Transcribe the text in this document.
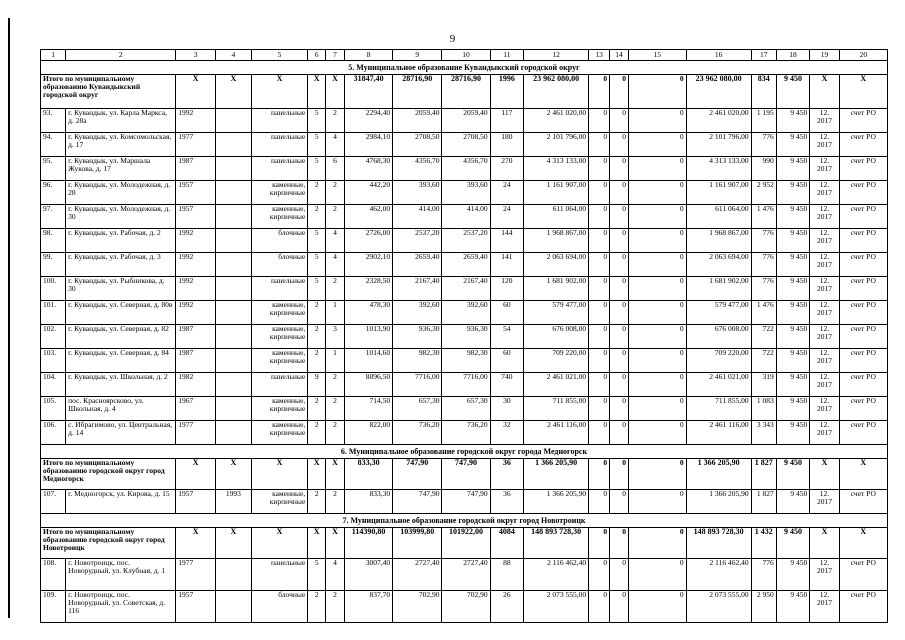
9
1	2	3	4	5	6	7	8	9	10	11	12	13	14	15	16	17	18	19	20
5. Муниципальное образование Кувандыкский городской округ																			
Итого по муниципальному образованию Кувандыкский городской округ		X	X	X	X	X	31847,40	28716,90	28716,90	1996	23 962 080,00	0	0	0	23 962 080,00	834	9 450	X	X
93.	г. Кувандык, ул. Карла Маркса, д. 28а	1992		панельные	5	2	2294,40	2059,40	2059,40	117	2 461 020,00	0	0	0	2 461 020,00	1 195	9 450	12. 2017	счет РО
94.	г. Кувандык, ул. Комсомольская, д. 17	1977		панельные	5	4	2984,10	2708,50	2708,50	180	2 101 796,00	0	0	0	2 101 796,00	776	9 450	12. 2017	счет РО
95.	г. Кувандык, ул. Маршала Жукова, д. 17	1987		панельные	5	6	4768,30	4356,70	4356,70	270	4 313 133,00	0	0	0	4 313 133,00	990	9 450	12. 2017	счет РО
96.	г. Кувандык, ул. Молодежная, д. 28	1957		каменные, кирпичные	2	2	442,20	393,60	393,60	24	1 161 907,00	0	0	0	1 161 907,00	2 952	9 450	12. 2017	счет РО
97.	г. Кувандык, ул. Молодежная, д. 30	1957		каменные, кирпичные	2	2	462,00	414,00	414,00	24	611 064,00	0	0	0	611 064,00	1 476	9 450	12. 2017	счет РО
98.	г. Кувандык, ул. Рабочая, д. 2	1992		блочные	5	4	2726,00	2537,20	2537,20	144	1 968 867,00	0	0	0	1 968 867,00	776	9 450	12. 2017	счет РО
99.	г. Кувандык, ул. Рабочая, д. 3	1992		блочные	5	4	2902,10	2659,40	2659,40	141	2 063 694,00	0	0	0	2 063 694,00	776	9 450	12. 2017	счет РО
100.	г. Кувандык, ул. Рыбникова, д. 30	1992		панельные	5	2	2328,50	2167,40	2167,40	120	1 681 902,00	0	0	0	1 681 902,00	776	9 450	12. 2017	счет РО
101.	г. Кувандык, ул. Северная, д. 80в	1992		каменные, кирпичные	2	1	478,30	392,60	392,60	60	579 477,00	0	0	0	579 477,00	1 476	9 450	12. 2017	счет РО
102.	г. Кувандык, ул. Северная, д. 82	1987		каменные, кирпичные	2	3	1013,90	936,30	936,30	54	676 008,00	0	0	0	676 008,00	722	9 450	12. 2017	счет РО
103.	г. Кувандык, ул. Северная, д. 84	1987		каменные, кирпичные	2	1	1014,60	982,30	982,30	60	709 220,00	0	0	0	709 220,00	722	9 450	12. 2017	счет РО
104.	г. Кувандык, ул. Школьная, д. 2	1982		панельные	9	2	8896,50	7716,00	7716,00	740	2 461 021,00	0	0	0	2 461 021,00	319	9 450	12. 2017	счет РО
105.	пос. Красноярсково, ул. Школьная, д. 4	1967		каменные, кирпичные	2	2	714,50	657,30	657,30	30	711 855,00	0	0	0	711 855,00	1 083	9 450	12. 2017	счет РО
106.	с. Ибрагимово, ул. Центральная, д. 14	1977		каменные, кирпичные	2	2	822,00	736,20	736,20	32	2 461 116,00	0	0	0	2 461 116,00	3 343	9 450	12. 2017	счет РО
6. Муниципальное образование городской округ города Медногорск																			
Итого по муниципальному образованию городской округ город Медногорск		X	X	X	X	X	833,30	747,90	747,90	36	1 366 205,90	0	0	0	1 366 205,90	1 827	9 450	X	X
107.	г. Медногорск, ул. Кирова, д. 15	1957	1993	каменные, кирпичные	2	2	833,30	747,90	747,90	36	1 366 205,90	0	0	0	1 366 205,90	1 827	9 450	12. 2017	счет РО
7. Муниципальное образование городской округ город Новотроицк																			
Итого по муниципальному образованию городской округ город Новотроицк		X	X	X	X	X	114390,80	103999,80	101922,00	4084	148 893 728,30	0	0	0	148 893 728,30	1 432	9 450	X	X
108.	г. Новотроицк, пос. Новорудный, ул. Клубная, д. 1	1977		панельные	5	4	3007,40	2727,40	2727,40	88	2 116 462,40	0	0	0	2 116 462,40	776	9 450	12. 2017	счет РО
109.	г. Новотроицк, пос. Новорудный, ул. Советская, д. 116	1957		блочные	2	2	837,70	702,90	702,90	26	2 073 555,00	0	0	0	2 073 555,00	2 950	9 450	12. 2017	счет РО
